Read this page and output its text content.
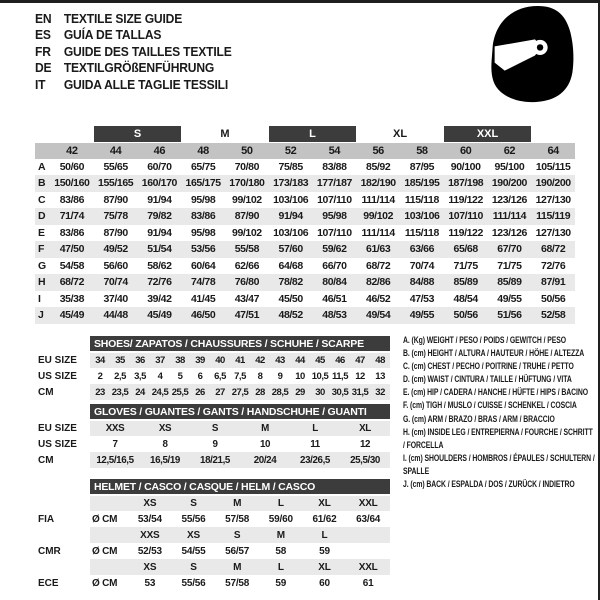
EN TEXTILE SIZE GUIDE
ES	GUÍA DE TALLAS
FR	GUIDE DES TAILLES TEXTILE
DE TEXTILGRÖßENFÜHRUNG
IT	GUIDA ALLE TAGLIE TESSILI
		S		M		L		XL		XXL		
	42	44	46	48	50	52	54	56	58	60	62	64
A	50/60	55/65	60/70	65/75	70/80	75/85	83/88	85/92	87/95	90/100	95/100	105/115
B	150/160	155/165	160/170	165/175	170/180	173/183	177/187	182/190	185/195	187/198	190/200	190/200
C	83/86	87/90	91/94	95/98	99/102	103/106	107/110	111/114	115/118	119/122	123/126	127/130
D	71/74	75/78	79/82	83/86	87/90	91/94	95/98	99/102	103/106	107/110	111/114	115/119
E	83/86	87/90	91/94	95/98	99/102	103/106	107/110	111/114	115/118	119/122	123/126	127/130
F	47/50	49/52	51/54	53/56	55/58	57/60	59/62	61/63	63/66	65/68	67/70	68/72
G	54/58	56/60	58/62	60/64	62/66	64/68	66/70	68/72	70/74	71/75	71/75	72/76
H	68/72	70/74	72/76	74/78	76/80	78/82	80/84	82/86	84/88	85/89	85/89	87/91
I	35/38	37/40	39/42	41/45	43/47	45/50	46/51	46/52	47/53	48/54	49/55	50/56
J	45/49	44/48	45/49	46/50	47/51	48/52	48/53	49/54	49/55	50/56	51/56	52/58
	SHOES/ ZAPATOS / CHAUSSURES / SCHUHE / SCARPE														
EU SIZE	34	35	36	37	38	39	40	41	42	43	44	45	46	47	48
US SIZE	2	2,5	3,5	4	5	6	6,5	7,5	8	9	10	10,5	11,5	12	13
CM	23	23,5	24	24,5	25,5	26	27	27,5	28	28,5	29	30	30,5	31,5	32
	GLOVES / GUANTES / GANTS / HANDSCHUHE / GUANTI					
EU SIZE	XXS	XS	S	M	L	XL
US SIZE	7	8	9	10	11	12
CM	12,5/16,5	16,5/19	18/21,5	20/24	23/26,5	25,5/30
	HELMET / CASCO / CASQUE / HELM / CASCO						
		XS	S	M	L	XL	XXL
FIA	Ø CM	53/54	55/56	57/58	59/60	61/62	63/64
		XXS	XS	S	M	L	
CMR	Ø CM	52/53	54/55	56/57	58	59	
		XS	S	M	L	XL	XXL
ECE	Ø CM	53	55/56	57/58	59	60	61
A. (Kg) WEIGHT / PESO / POIDS / GEWITCH / PESO
B. (cm) HEIGHT / ALTURA / HAUTEUR / HÖHE / ALTEZZA
C. (cm) CHEST / PECHO / POITRINE / TRUHE / PETTO
D. (cm) WAIST / CINTURA / TAILLE / HÜFTUNG / VITA
E. (cm) HIP / CADERA / HANCHE / HÜFTE / HIPS / BACINO
F. (cm) TIGH / MUSLO / CUISSE / SCHENKEL / COSCIA
G. (cm) ARM / BRAZO / BRAS / ARM / BRACCIO
H. (cm) INSIDE LEG / ENTREPIERNA / FOURCHE / SCHRITT / FORCELLA
I. (cm) SHOULDERS / HOMBROS / ÉPAULES / SCHULTERN / SPALLE
J. (cm) BACK / ESPALDA / DOS / ZURÜCK / INDIETRO
